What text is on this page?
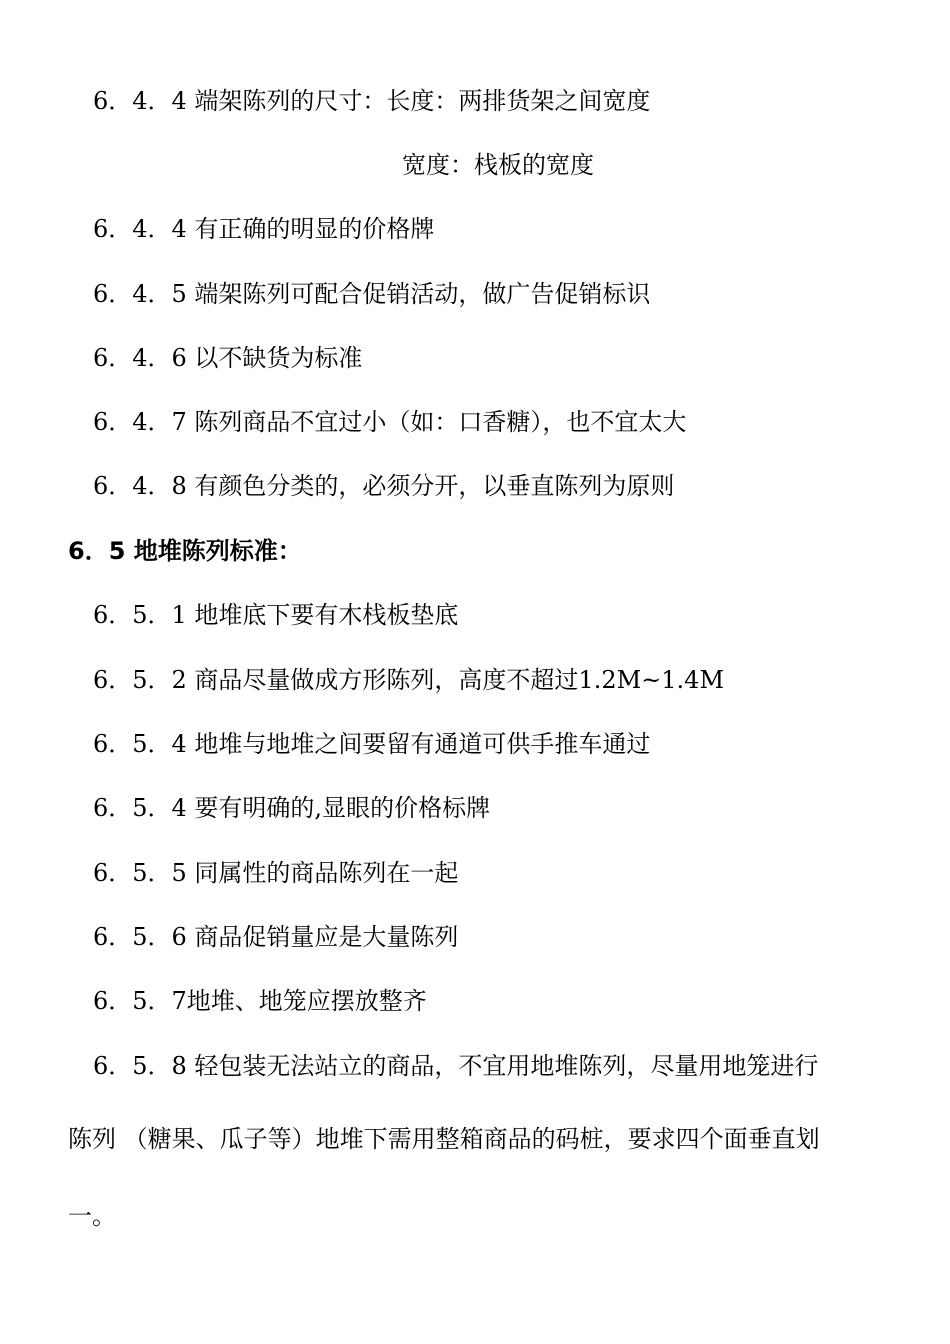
6．4．4 端架陈列的尺寸：长度：两排货架之间宽度
宽度：栈板的宽度
6．4．4 有正确的明显的价格牌
6．4．5 端架陈列可配合促销活动，做广告促销标识
6．4．6 以不缺货为标准
6．4．7 陈列商品不宜过小（如：口香糖），也不宜太大
6．4．8 有颜色分类的，必须分开，以垂直陈列为原则
6．5 地堆陈列标准：
6．5．1 地堆底下要有木栈板垫底
6．5．2 商品尽量做成方形陈列，高度不超过1.2M~1.4M
6．5．4 地堆与地堆之间要留有通道可供手推车通过
6．5．4 要有明确的,显眼的价格标牌
6．5．5 同属性的商品陈列在一起
6．5．6 商品促销量应是大量陈列
6．5．7地堆、地笼应摆放整齐
6．5．8 轻包装无法站立的商品，不宜用地堆陈列，尽量用地笼进行
陈列 （糖果、瓜子等）地堆下需用整箱商品的码桩，要求四个面垂直划
一。
